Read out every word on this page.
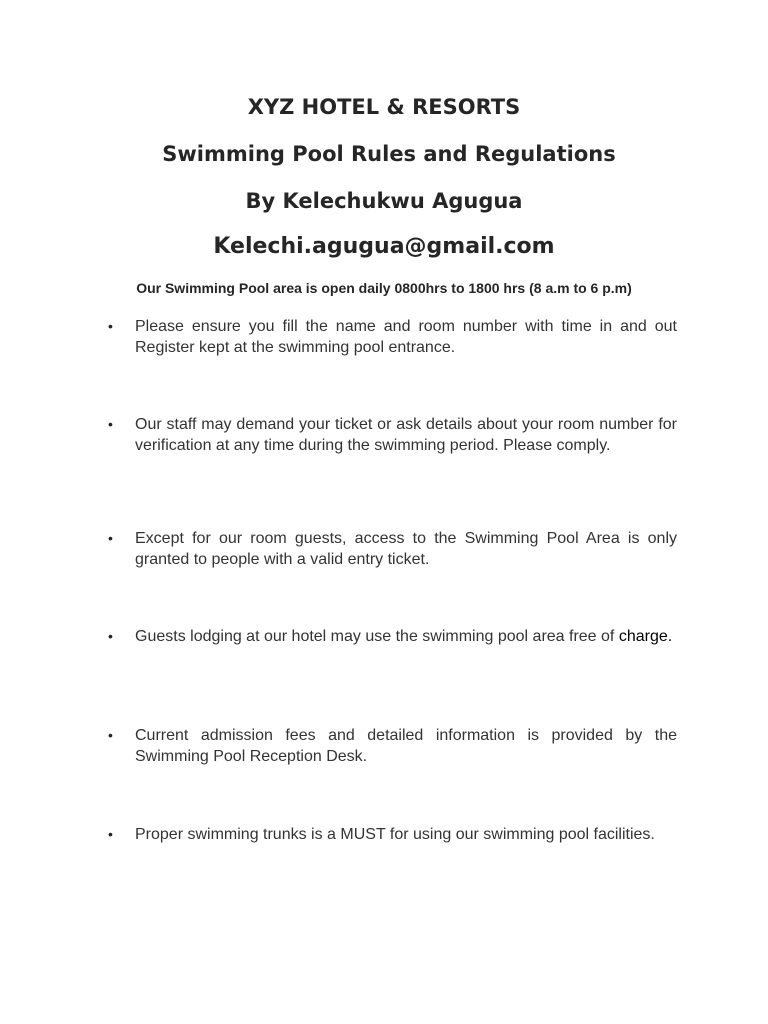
XYZ HOTEL & RESORTS
Swimming Pool Rules and Regulations
By Kelechukwu Agugua
Kelechi.agugua@gmail.com
Our Swimming Pool area is open daily 0800hrs to 1800 hrs (8 a.m to 6 p.m)
•	Please ensure you fill the name and room number with time in and out Register kept at the swimming pool entrance.
•	Our staff may demand your ticket or ask details about your room number for verification at any time during the swimming period. Please comply.
•	Except for our room guests, access to the Swimming Pool Area is only granted to people with a valid entry ticket.
•	Guests lodging at our hotel may use the swimming pool area free of charge.
•	Current admission fees and detailed information is provided by the Swimming Pool Reception Desk.
•	Proper swimming trunks is a MUST for using our swimming pool facilities.
